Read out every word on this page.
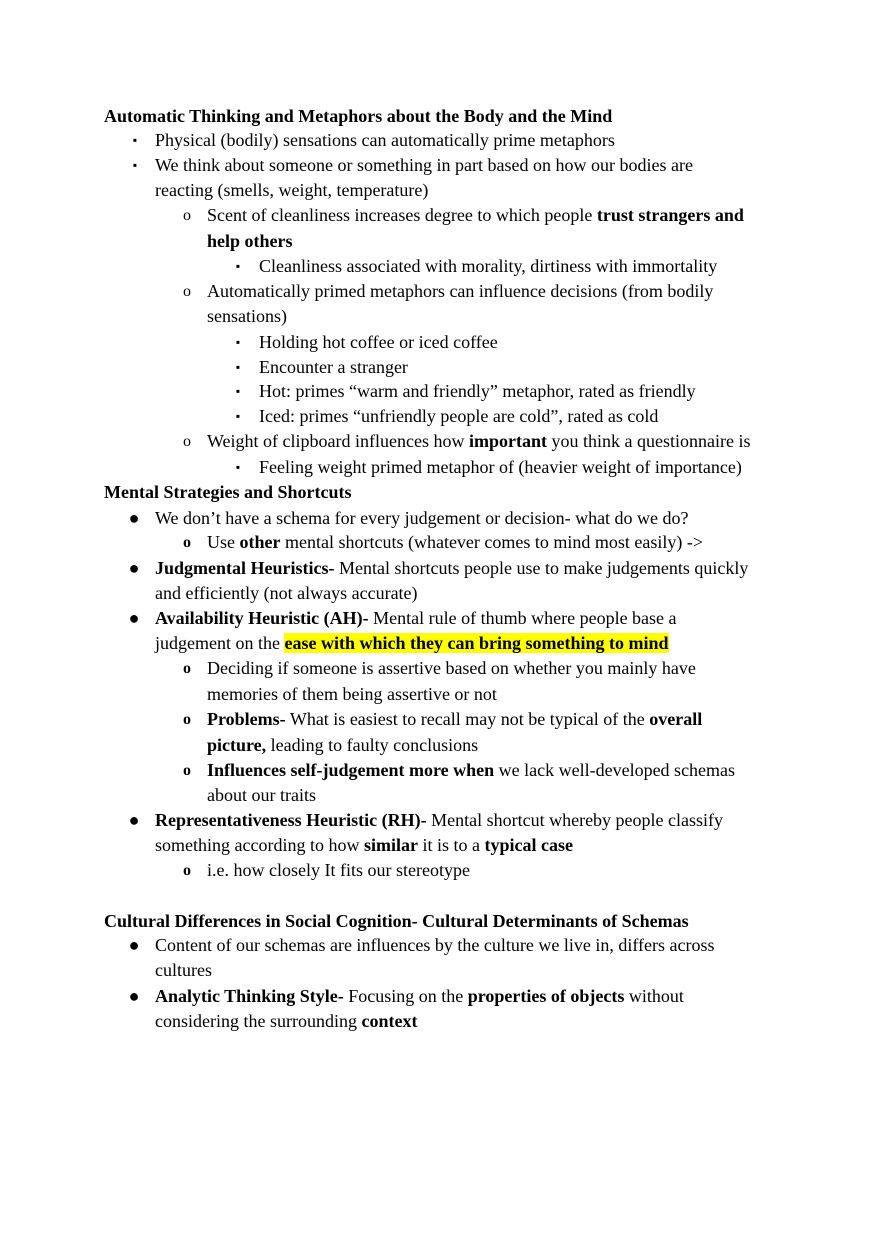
Automatic Thinking and Metaphors about the Body and the Mind
▪ Physical (bodily) sensations can automatically prime metaphors
▪ We think about someone or something in part based on how our bodies are
reacting (smells, weight, temperature)
o Scent of cleanliness increases degree to which people trust strangers and
help others
▪ Cleanliness associated with morality, dirtiness with immortality
o Automatically primed metaphors can influence decisions (from bodily
sensations)
▪ Holding hot coffee or iced coffee
▪ Encounter a stranger
▪ Hot: primes “warm and friendly” metaphor, rated as friendly
▪ Iced: primes “unfriendly people are cold”, rated as cold
o Weight of clipboard influences how important you think a questionnaire is
▪ Feeling weight primed metaphor of (heavier weight of importance)
Mental Strategies and Shortcuts
● We don’t have a schema for every judgement or decision- what do we do?
o Use other mental shortcuts (whatever comes to mind most easily) ->
● Judgmental Heuristics- Mental shortcuts people use to make judgements quickly
and efficiently (not always accurate)
● Availability Heuristic (AH)- Mental rule of thumb where people base a
judgement on the ease with which they can bring something to mind
o Deciding if someone is assertive based on whether you mainly have
memories of them being assertive or not
o Problems- What is easiest to recall may not be typical of the overall
picture, leading to faulty conclusions
o Influences self-judgement more when we lack well-developed schemas
about our traits
● Representativeness Heuristic (RH)- Mental shortcut whereby people classify
something according to how similar it is to a typical case
o i.e. how closely It fits our stereotype
Cultural Differences in Social Cognition- Cultural Determinants of Schemas
● Content of our schemas are influences by the culture we live in, differs across
cultures
● Analytic Thinking Style- Focusing on the properties of objects without
considering the surrounding context
